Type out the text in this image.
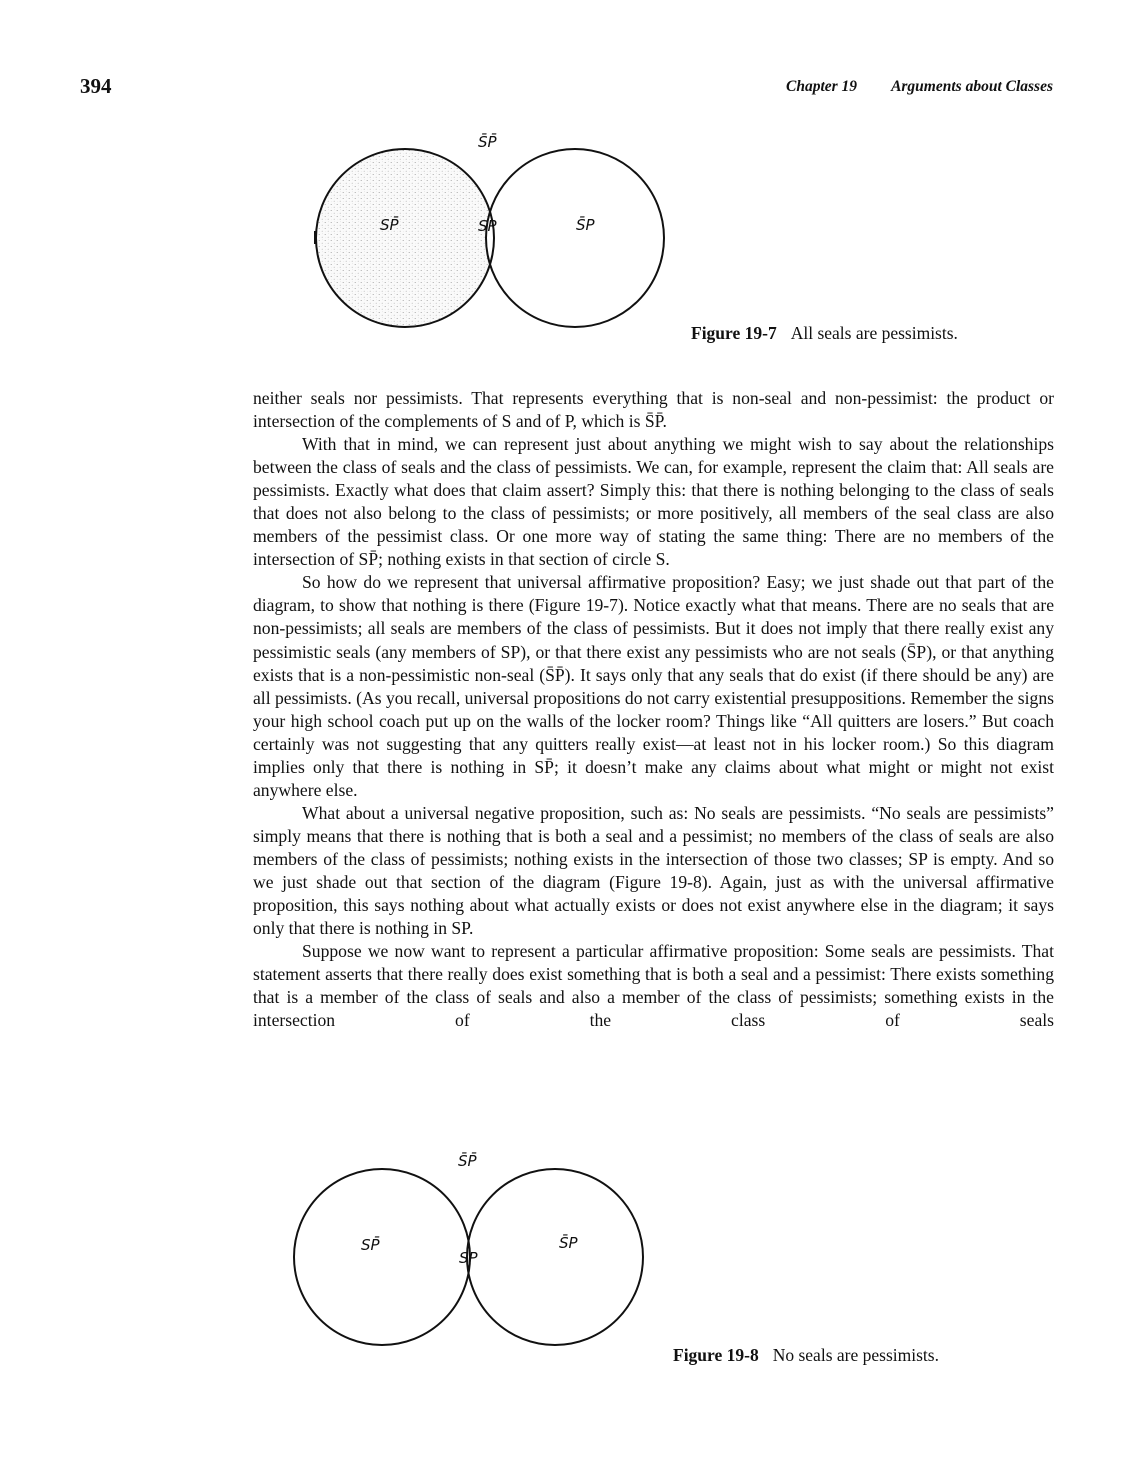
394	Chapter 19 Arguments about Classes
S̄P̄
SP̄	SP	S̄P
Figure 19-7 All seals are pessimists.

neither seals nor pessimists. That represents everything that is non-seal and non-pessimist: the product or intersection of the complements of S and of P, which is S̄P̄.

With that in mind, we can represent just about anything we might wish to say about the relationships between the class of seals and the class of pessimists. We can, for example, represent the claim that: All seals are pessimists. Exactly what does that claim assert? Simply this: that there is nothing belonging to the class of seals that does not also belong to the class of pessimists; or more positively, all members of the seal class are also members of the pessimist class. Or one more way of stating the same thing: There are no members of the intersection of SP̄; nothing exists in that section of circle S.

So how do we represent that universal affirmative proposition? Easy; we just shade out that part of the diagram, to show that nothing is there (Figure 19-7). Notice exactly what that means. There are no seals that are non-pessimists; all seals are members of the class of pessimists. But it does not imply that there really exist any pessimistic seals (any members of SP), or that there exist any pessimists who are not seals (S̄P), or that anything exists that is a non-pessimistic non-seal (S̄P̄). It says only that any seals that do exist (if there should be any) are all pessimists. (As you recall, universal propositions do not carry existential presuppositions. Remember the signs your high school coach put up on the walls of the locker room? Things like “All quitters are losers.” But coach certainly was not suggesting that any quitters really exist—at least not in his locker room.) So this diagram implies only that there is nothing in SP̄; it doesn’t make any claims about what might or might not exist anywhere else.

What about a universal negative proposition, such as: No seals are pessimists. “No seals are pessimists” simply means that there is nothing that is both a seal and a pessimist; no members of the class of seals are also members of the class of pessimists; nothing exists in the intersection of those two classes; SP is empty. And so we just shade out that section of the diagram (Figure 19-8). Again, just as with the universal affirmative proposition, this says nothing about what actually exists or does not exist anywhere else in the diagram; it says only that there is nothing in SP.

Suppose we now want to represent a particular affirmative proposition: Some seals are pessimists. That statement asserts that there really does exist something that is both a seal and a pessimist: There exists something that is a member of the class of seals and also a member of the class of pessimists; something exists in the intersection of the class of seals

S̄P̄
SP̄
SP
S̄P
Figure 19-8 No seals are pessimists.
